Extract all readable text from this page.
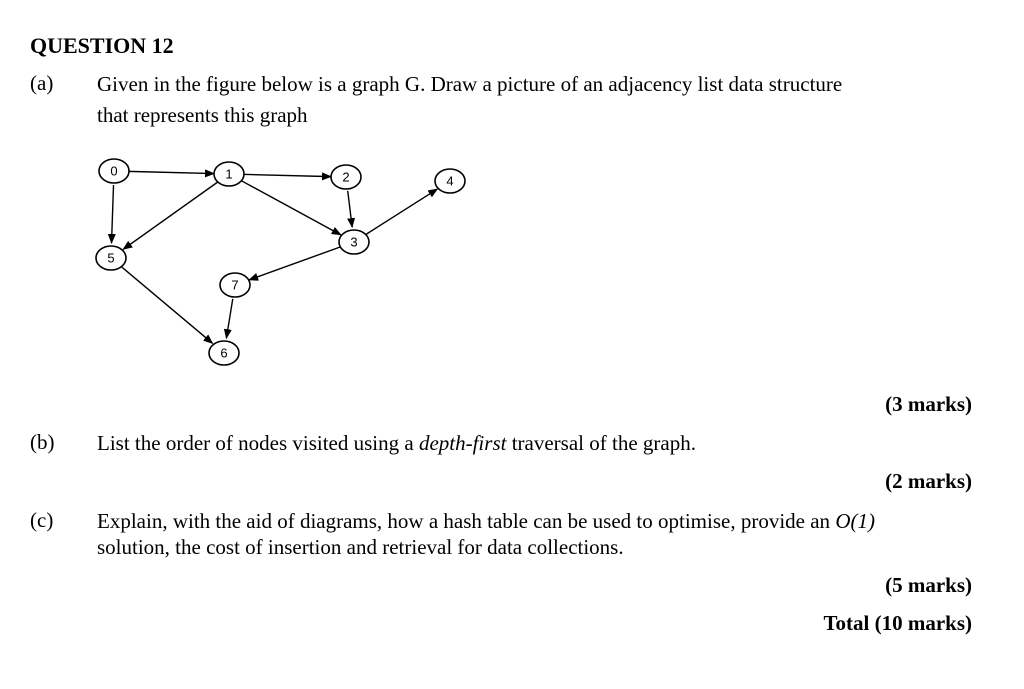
QUESTION 12
(a) Given in the figure below is a graph G. Draw a picture of an adjacency list data structure
that represents this graph
0	1	2
3
4
5
6
7
(3 marks)
(b) List the order of nodes visited using a depth-first traversal of the graph.
(2 marks)
(c) Explain, with the aid of diagrams, how a hash table can be used to optimise, provide an O(1)
solution, the cost of insertion and retrieval for data collections.
(5 marks)
Total (10 marks)
